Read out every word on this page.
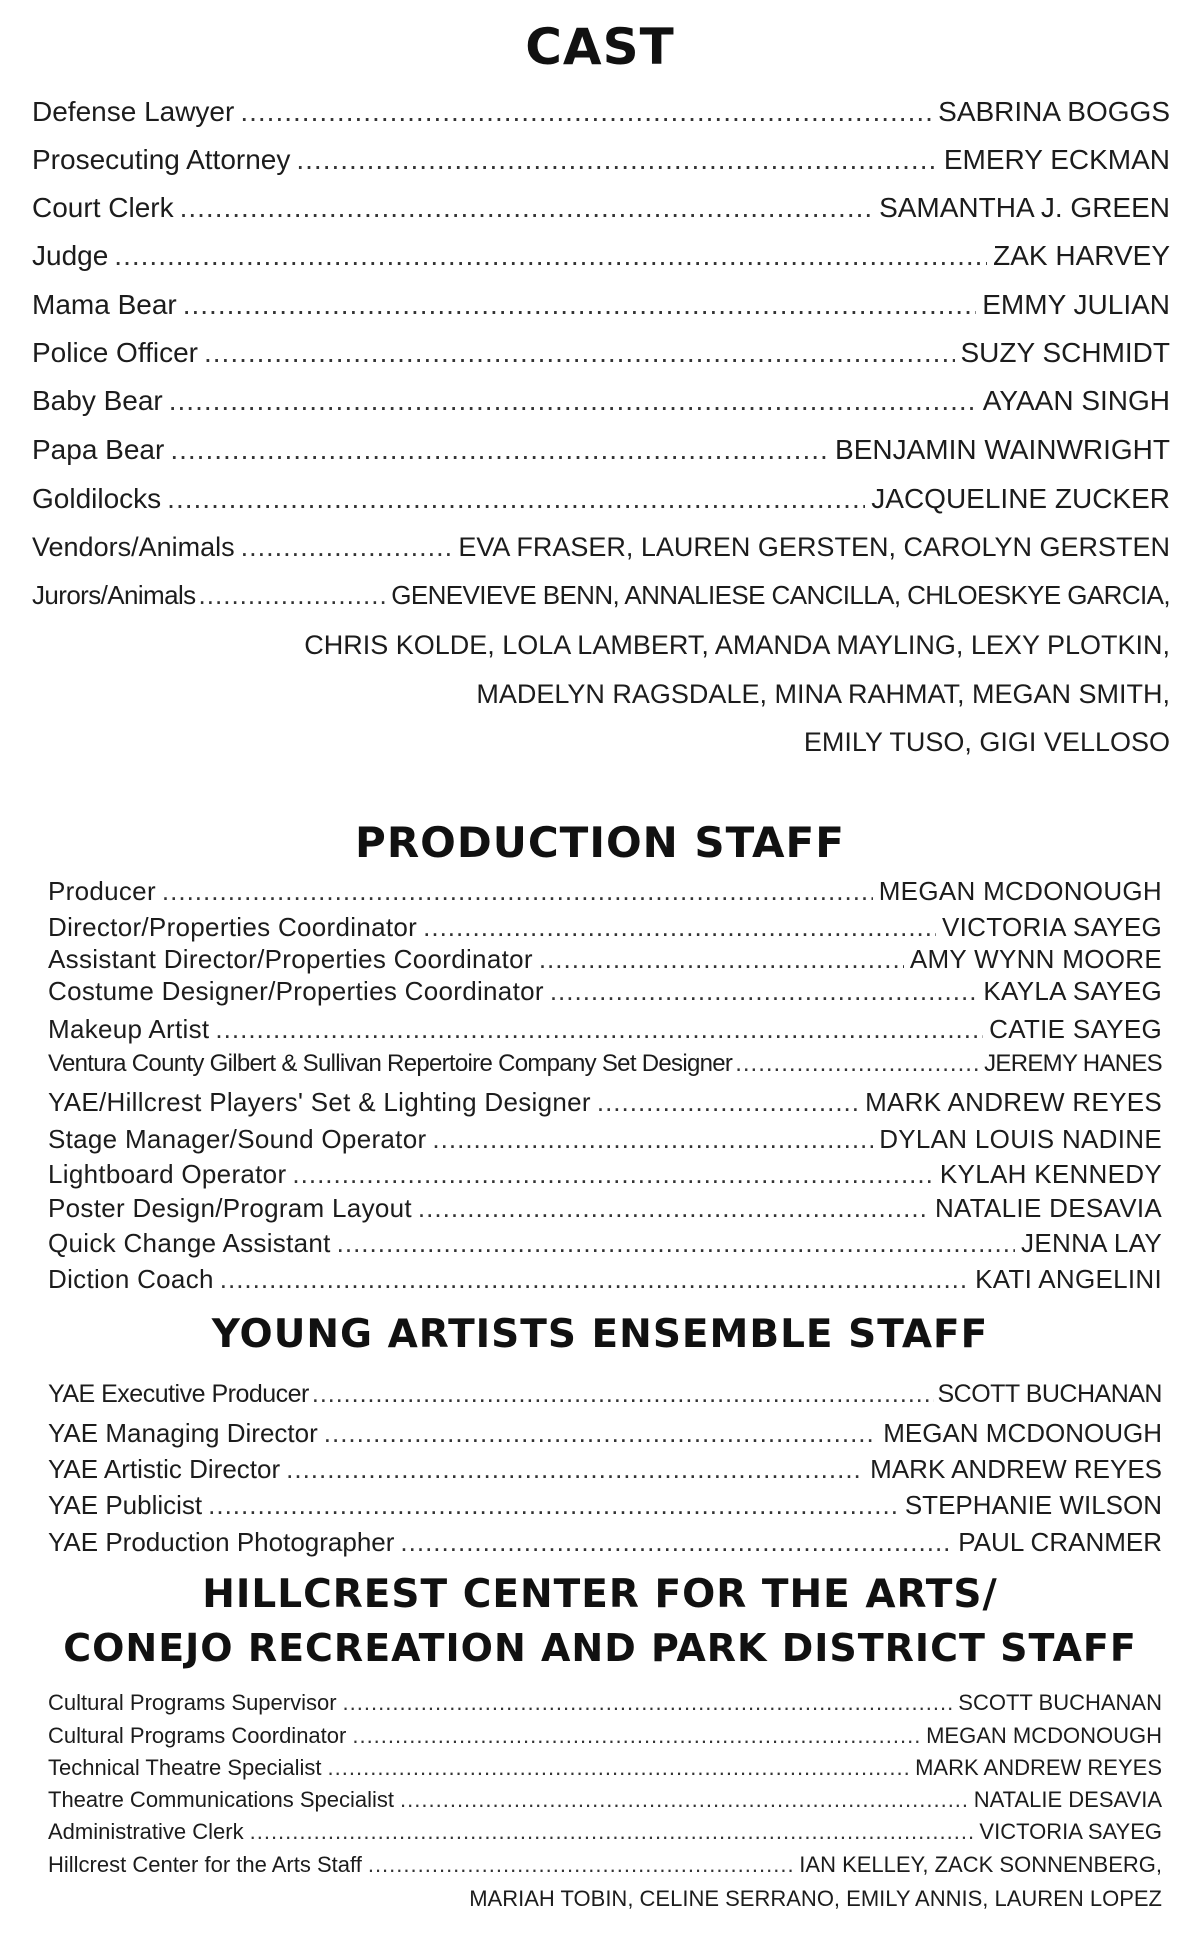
CAST
Defense Lawyer .....	SABRINA BOGGS
Prosecuting Attorney .....	EMERY ECKMAN
Court Clerk .....	SAMANTHA J. GREEN
Judge .....	ZAK HARVEY
Mama Bear .....	EMMY JULIAN
Police Officer .....	SUZY SCHMIDT
Baby Bear .....	AYAAN SINGH
Papa Bear .....	BENJAMIN WAINWRIGHT
Goldilocks .....	JACQUELINE ZUCKER
Vendors/Animals .....	EVA FRASER, LAUREN GERSTEN, CAROLYN GERSTEN
Jurors/Animals .....	GENEVIEVE BENN, ANNALIESE CANCILLA, CHLOESKYE GARCIA,
CHRIS KOLDE, LOLA LAMBERT, AMANDA MAYLING, LEXY PLOTKIN,
MADELYN RAGSDALE, MINA RAHMAT, MEGAN SMITH,
EMILY TUSO, GIGI VELLOSO
PRODUCTION STAFF
Producer .....	MEGAN MCDONOUGH
Director/Properties Coordinator .....	VICTORIA SAYEG
Assistant Director/Properties Coordinator .....	AMY WYNN MOORE
Costume Designer/Properties Coordinator .....	KAYLA SAYEG
Makeup Artist .....	CATIE SAYEG
Ventura County Gilbert & Sullivan Repertoire Company Set Designer .....	JEREMY HANES
YAE/Hillcrest Players' Set & Lighting Designer .....	MARK ANDREW REYES
Stage Manager/Sound Operator .....	DYLAN LOUIS NADINE
Lightboard Operator .....	KYLAH KENNEDY
Poster Design/Program Layout .....	NATALIE DESAVIA
Quick Change Assistant .....	JENNA LAY
Diction Coach .....	KATI ANGELINI
YOUNG ARTISTS ENSEMBLE STAFF
YAE Executive Producer .....	SCOTT BUCHANAN
YAE Managing Director .....	MEGAN MCDONOUGH
YAE Artistic Director .....	MARK ANDREW REYES
YAE Publicist .....	STEPHANIE WILSON
YAE Production Photographer .....	PAUL CRANMER
HILLCREST CENTER FOR THE ARTS/
CONEJO RECREATION AND PARK DISTRICT STAFF
Cultural Programs Supervisor .....	SCOTT BUCHANAN
Cultural Programs Coordinator .....	MEGAN MCDONOUGH
Technical Theatre Specialist .....	MARK ANDREW REYES
Theatre Communications Specialist .....	NATALIE DESAVIA
Administrative Clerk .....	VICTORIA SAYEG
Hillcrest Center for the Arts Staff .....	IAN KELLEY, ZACK SONNENBERG,
MARIAH TOBIN, CELINE SERRANO, EMILY ANNIS, LAUREN LOPEZ
